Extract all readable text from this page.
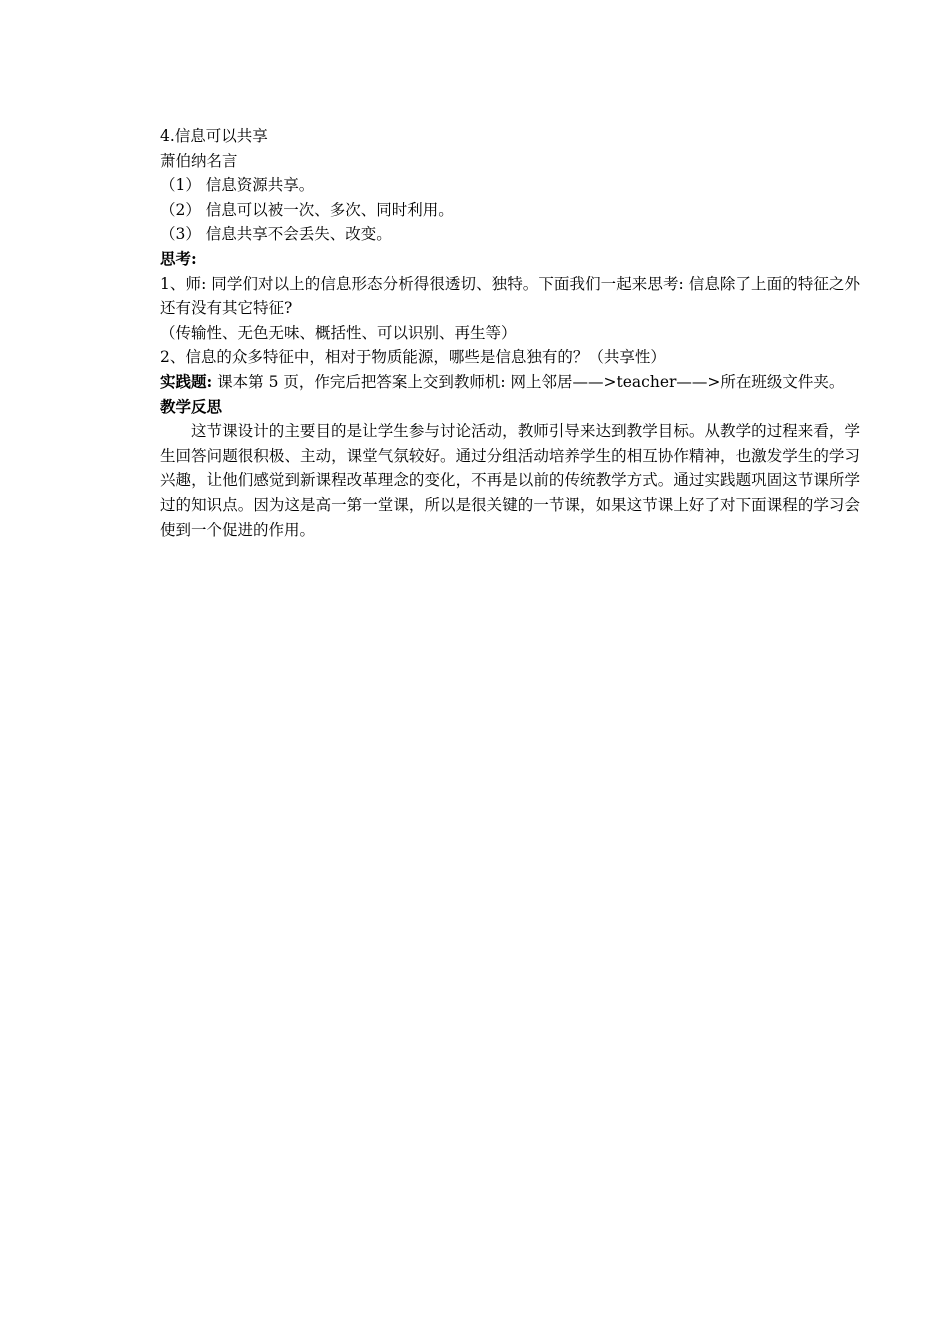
4.信息可以共享

萧伯纳名言

（1） 信息资源共享。

（2） 信息可以被一次、多次、同时利用。

（3） 信息共享不会丢失、改变。

思考:

1、师: 同学们对以上的信息形态分析得很透切、独特。下面我们一起来思考: 信息除了上面的特征之外还有没有其它特征?

（传输性、无色无味、概括性、可以识别、再生等）

2、信息的众多特征中，相对于物质能源，哪些是信息独有的？（共享性）

实践题: 课本第 5 页，作完后把答案上交到教师机: 网上邻居——>teacher——>所在班级文件夹。

教学反思

这节课设计的主要目的是让学生参与讨论活动，教师引导来达到教学目标。从教学的过程来看，学生回答问题很积极、主动，课堂气氛较好。通过分组活动培养学生的相互协作精神，也激发学生的学习兴趣，让他们感觉到新课程改革理念的变化，不再是以前的传统教学方式。通过实践题巩固这节课所学过的知识点。因为这是高一第一堂课，所以是很关键的一节课，如果这节课上好了对下面课程的学习会使到一个促进的作用。
